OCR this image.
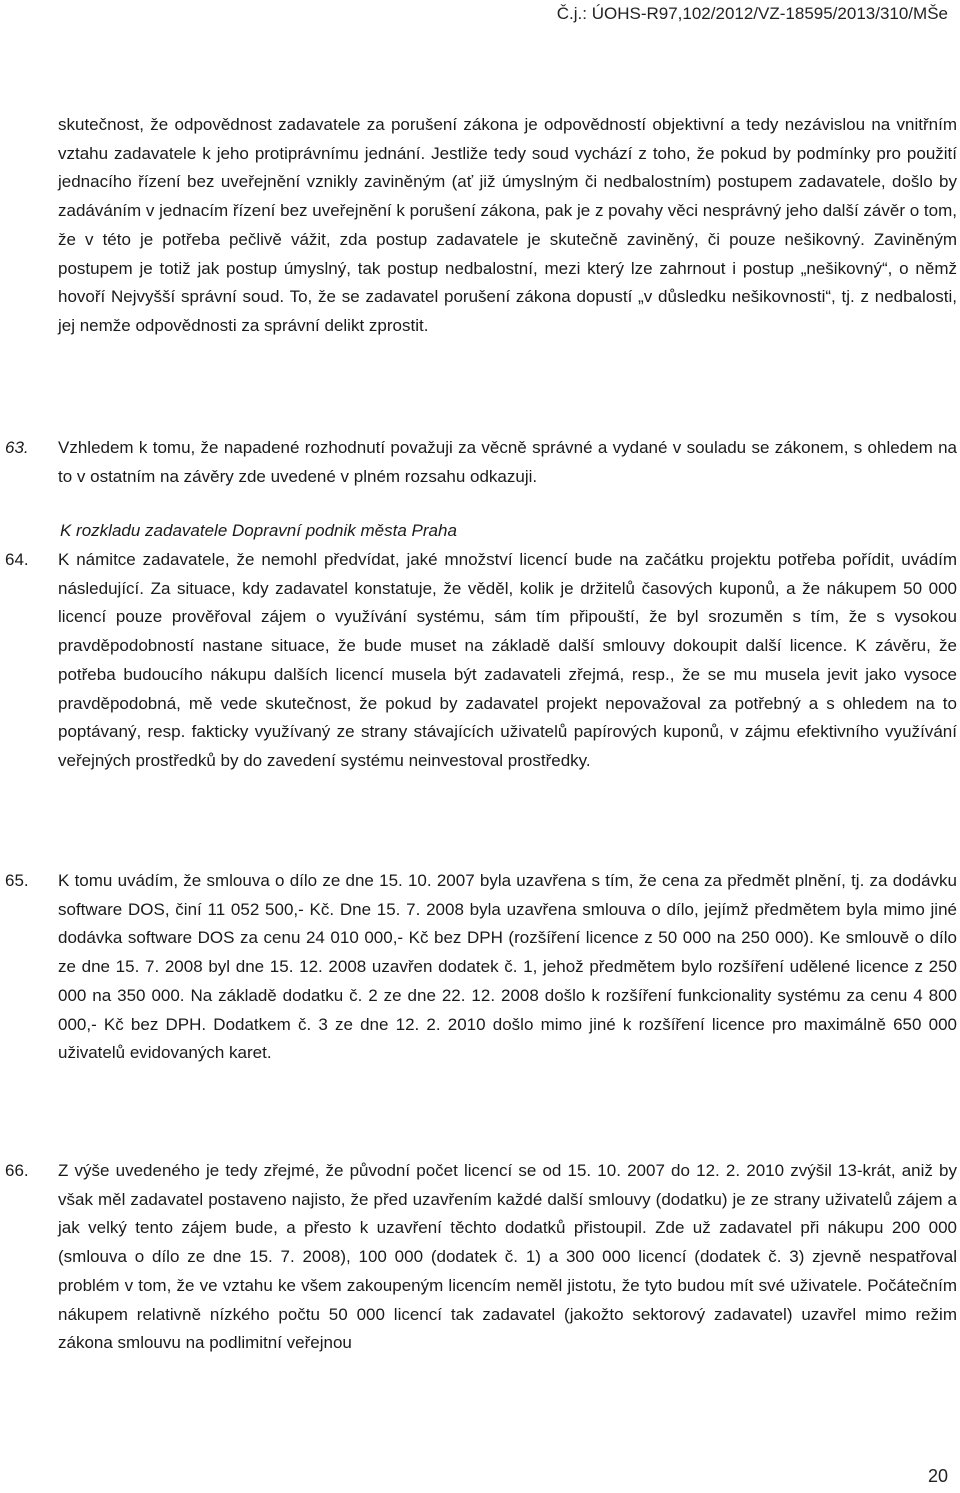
Č.j.: ÚOHS-R97,102/2012/VZ-18595/2013/310/MŠe

skutečnost, že odpovědnost zadavatele za porušení zákona je odpovědností objektivní a tedy nezávislou na vnitřním vztahu zadavatele k jeho protiprávnímu jednání. Jestliže tedy soud vychází z toho, že pokud by podmínky pro použití jednacího řízení bez uveřejnění vznikly zaviněným (ať již úmyslným či nedbalostním) postupem zadavatele, došlo by zadáváním v jednacím řízení bez uveřejnění k porušení zákona, pak je z povahy věci nesprávný jeho další závěr o tom, že v této je potřeba pečlivě vážit, zda postup zadavatele je skutečně zaviněný, či pouze nešikovný. Zaviněným postupem je totiž jak postup úmyslný, tak postup nedbalostní, mezi který lze zahrnout i postup „nešikovný“, o němž hovoří Nejvyšší správní soud. To, že se zadavatel porušení zákona dopustí „v důsledku nešikovnosti“, tj. z nedbalosti, jej nemže odpovědnosti za správní delikt zprostit.

63. Vzhledem k tomu, že napadené rozhodnutí považuji za věcně správné a vydané v souladu se zákonem, s ohledem na to v ostatním na závěry zde uvedené v plném rozsahu odkazuji.

K rozkladu zadavatele Dopravní podnik města Praha

64. K námitce zadavatele, že nemohl předvídat, jaké množství licencí bude na začátku projektu potřeba pořídit, uvádím následující. Za situace, kdy zadavatel konstatuje, že věděl, kolik je držitelů časových kuponů, a že nákupem 50 000 licencí pouze prověřoval zájem o využívání systému, sám tím připouští, že byl srozuměn s tím, že s vysokou pravděpodobností nastane situace, že bude muset na základě další smlouvy dokoupit další licence. K závěru, že potřeba budoucího nákupu dalších licencí musela být zadavateli zřejmá, resp., že se mu musela jevit jako vysoce pravděpodobná, mě vede skutečnost, že pokud by zadavatel projekt nepovažoval za potřebný a s ohledem na to poptávaný, resp. fakticky využívaný ze strany stávajících uživatelů papírových kuponů, v zájmu efektivního využívání veřejných prostředků by do zavedení systému neinvestoval prostředky.

65. K tomu uvádím, že smlouva o dílo ze dne 15. 10. 2007 byla uzavřena s tím, že cena za předmět plnění, tj. za dodávku software DOS, činí 11 052 500,- Kč. Dne 15. 7. 2008 byla uzavřena smlouva o dílo, jejímž předmětem byla mimo jiné dodávka software DOS za cenu 24 010 000,- Kč bez DPH (rozšíření licence z 50 000 na 250 000). Ke smlouvě o dílo ze dne 15. 7. 2008 byl dne 15. 12. 2008 uzavřen dodatek č. 1, jehož předmětem bylo rozšíření udělené licence z 250 000 na 350 000. Na základě dodatku č. 2 ze dne 22. 12. 2008 došlo k rozšíření funkcionality systému za cenu 4 800 000,- Kč bez DPH. Dodatkem č. 3 ze dne 12. 2. 2010 došlo mimo jiné k rozšíření licence pro maximálně 650 000 uživatelů evidovaných karet.

66. Z výše uvedeného je tedy zřejmé, že původní počet licencí se od 15. 10. 2007 do 12. 2. 2010 zvýšil 13-krát, aniž by však měl zadavatel postaveno najisto, že před uzavřením každé další smlouvy (dodatku) je ze strany uživatelů zájem a jak velký tento zájem bude, a přesto k uzavření těchto dodatků přistoupil. Zde už zadavatel při nákupu 200 000 (smlouva o dílo ze dne 15. 7. 2008), 100 000 (dodatek č. 1) a 300 000 licencí (dodatek č. 3) zjevně nespatřoval problém v tom, že ve vztahu ke všem zakoupeným licencím neměl jistotu, že tyto budou mít své uživatele. Počátečním nákupem relativně nízkého počtu 50 000 licencí tak zadavatel (jakožto sektorový zadavatel) uzavřel mimo režim zákona smlouvu na podlimitní veřejnou

20
